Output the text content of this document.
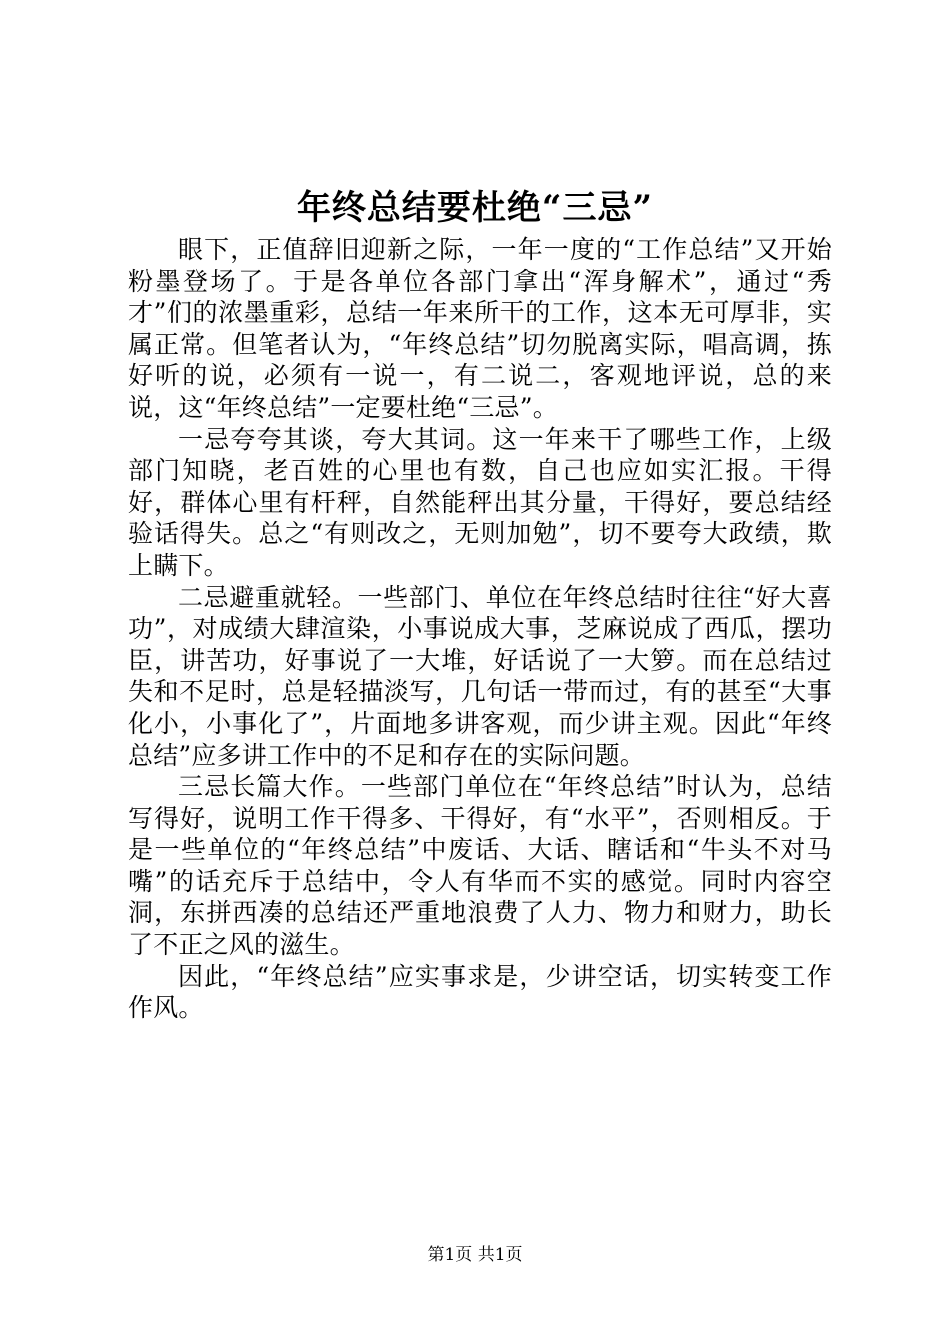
年终总结要杜绝“三忌”

眼下，正值辞旧迎新之际，一年一度的“工作总结”又开始粉墨登场了。于是各单位各部门拿出“浑身解术”，通过“秀才”们的浓墨重彩，总结一年来所干的工作，这本无可厚非，实属正常。但笔者认为，“年终总结”切勿脱离实际，唱高调，拣好听的说，必须有一说一，有二说二，客观地评说，总的来说，这“年终总结”一定要杜绝“三忌”。

一忌夸夸其谈，夸大其词。这一年来干了哪些工作，上级部门知晓，老百姓的心里也有数，自己也应如实汇报。干得好，群体心里有杆秤，自然能秤出其分量，干得好，要总结经验话得失。总之“有则改之，无则加勉”，切不要夸大政绩，欺上瞒下。

二忌避重就轻。一些部门、单位在年终总结时往往“好大喜功”，对成绩大肆渲染，小事说成大事，芝麻说成了西瓜，摆功臣，讲苦功，好事说了一大堆，好话说了一大箩。而在总结过失和不足时，总是轻描淡写，几句话一带而过，有的甚至“大事化小，小事化了”，片面地多讲客观，而少讲主观。因此“年终总结”应多讲工作中的不足和存在的实际问题。

三忌长篇大作。一些部门单位在“年终总结”时认为，总结写得好，说明工作干得多、干得好，有“水平”，否则相反。于是一些单位的“年终总结”中废话、大话、瞎话和“牛头不对马嘴”的话充斥于总结中，令人有华而不实的感觉。同时内容空洞，东拼西凑的总结还严重地浪费了人力、物力和财力，助长了不正之风的滋生。

因此，“年终总结”应实事求是，少讲空话，切实转变工作作风。

第1页 共1页
